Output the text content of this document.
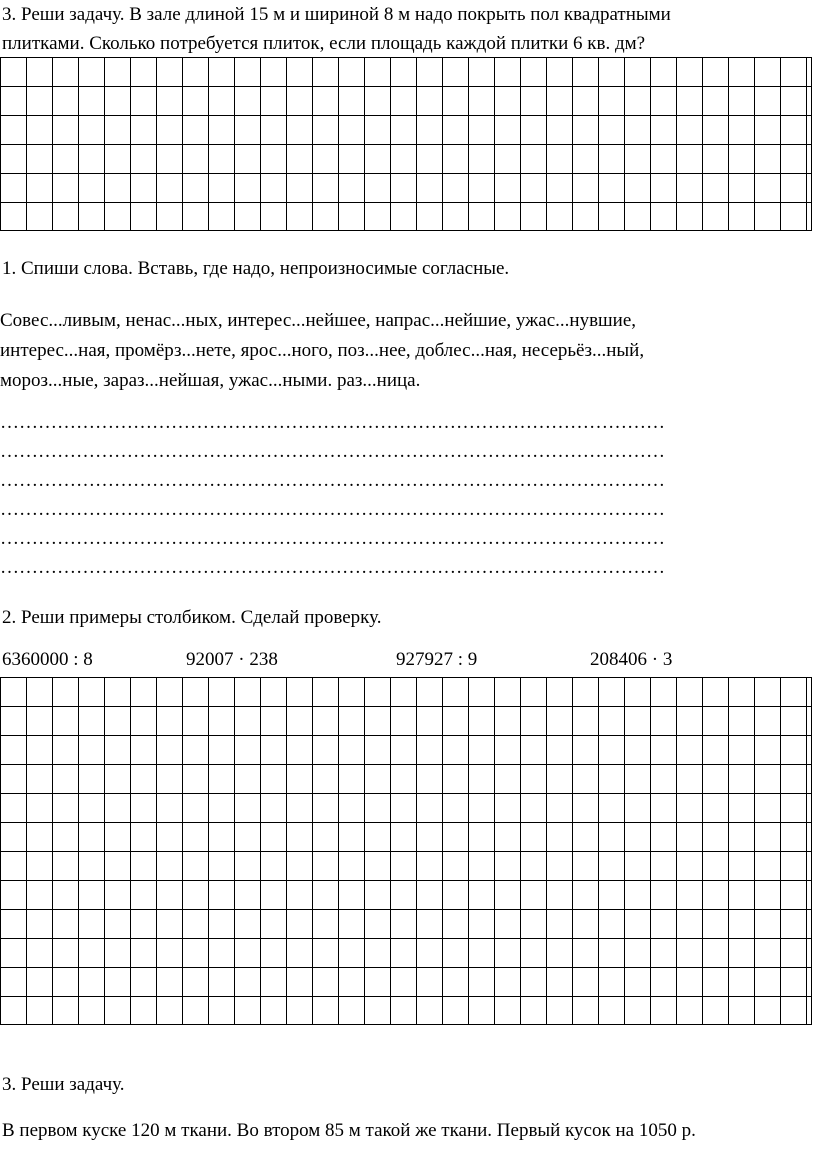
3. Реши задачу. В зале длиной 15 м и шириной 8 м надо покрыть пол квадратными
плитками. Сколько потребуется плиток, если площадь каждой плитки 6 кв. дм?
1. Спиши слова. Вставь, где надо, непроизносимые согласные.
Совес...ливым, ненас...ных, интерес...нейшее, напрас...нейшие, ужас...нувшие,
интерес...ная, промёрз...нете, ярос...ного, поз...нее, доблес...ная, несерьёз...ный,
мороз...ные, зараз...нейшая, ужас...ными. раз...ница.
……………………………………………………………………………………………
……………………………………………………………………………………………
……………………………………………………………………………………………
……………………………………………………………………………………………
……………………………………………………………………………………………
……………………………………………………………………………………………
2. Реши примеры столбиком. Сделай проверку.
6360000 : 8	92007 · 238	927927 : 9	208406 · 3
3. Реши задачу.
В первом куске 120 м ткани. Во втором 85 м такой же ткани. Первый кусок на 1050 р.
